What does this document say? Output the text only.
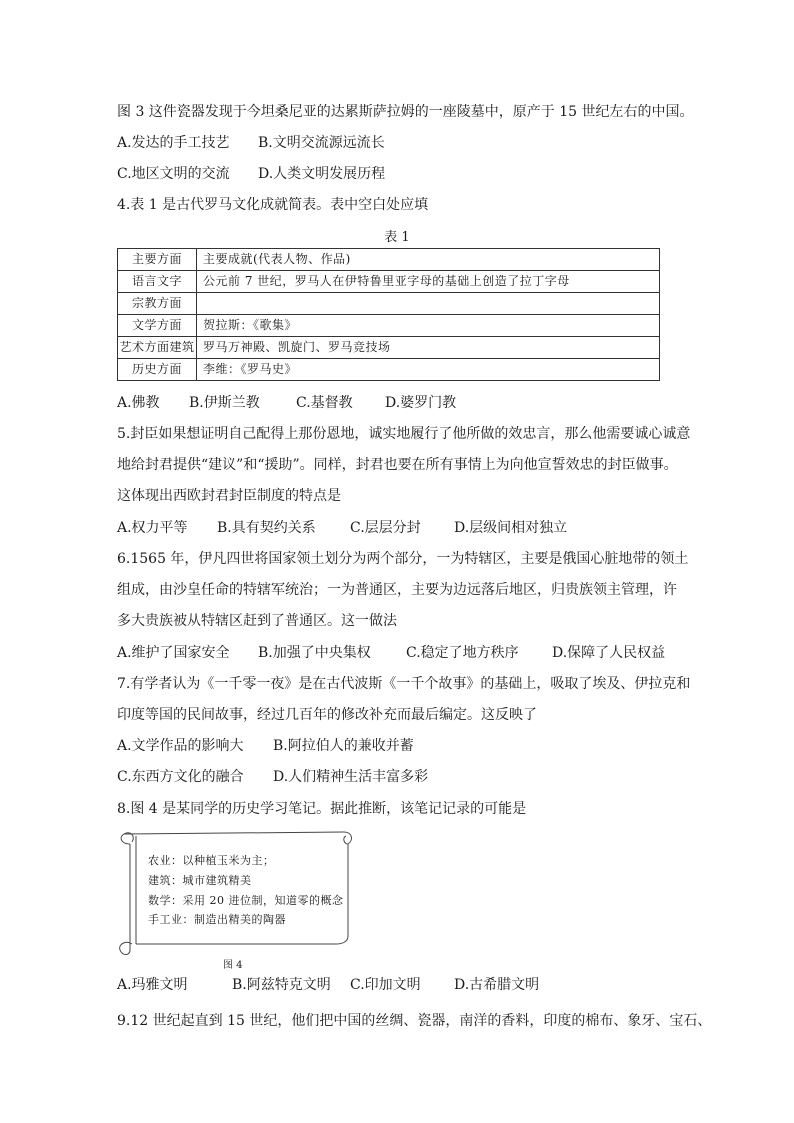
图 3 这件瓷器发现于今坦桑尼亚的达累斯萨拉姆的一座陵墓中，原产于 15 世纪左右的中国。
A.发达的手工技艺 B.文明交流源远流长
C.地区文明的交流 D.人类文明发展历程
4.表 1 是古代罗马文化成就简表。表中空白处应填
表 1
主要方面	主要成就(代表人物、作品)
语言文字	公元前 7 世纪，罗马人在伊特鲁里亚字母的基础上创造了拉丁字母
宗教方面	
文学方面	贺拉斯：《歌集》
艺术方面建筑	罗马万神殿、凯旋门、罗马竞技场
历史方面	李维：《罗马史》
A.佛教 B.伊斯兰教	C.基督教 D.婆罗门教
5.封臣如果想证明自己配得上那份恩地，诚实地履行了他所做的效忠言，那么他需要诚心诚意
地给封君提供“建议”和“援助”。同样，封君也要在所有事情上为向他宣誓效忠的封臣做事。
这体现出西欧封君封臣制度的特点是
A.权力平等 B.具有契约关系 C.层层分封 D.层级间相对独立
6.1565 年，伊凡四世将国家领土划分为两个部分，一为特辖区，主要是俄国心脏地带的领土
组成，由沙皇任命的特辖军统治；一为普通区，主要为边远落后地区，归贵族领主管理，许
多大贵族被从特辖区赶到了普通区。这一做法
A.维护了国家安全 B.加强了中央集权	C.稳定了地方秩序 D.保障了人民权益
7.有学者认为《一千零一夜》是在古代波斯《一千个故事》的基础上，吸取了埃及、伊拉克和
印度等国的民间故事，经过几百年的修改补充而最后编定。这反映了
A.文学作品的影响大 B.阿拉伯人的兼收并蓄
C.东西方文化的融合 D.人们精神生活丰富多彩
8.图 4 是某同学的历史学习笔记。据此推断，该笔记记录的可能是
农业：以种植玉米为主；
建筑：城市建筑精美
数学：采用 20 进位制，知道零的概念
手工业：制造出精美的陶器
图 4
A.玛雅文明	B.阿兹特克文明 C.印加文明 D.古希腊文明
9.12 世纪起直到 15 世纪，他们把中国的丝绸、瓷器，南洋的香料，印度的棉布、象牙、宝石、
